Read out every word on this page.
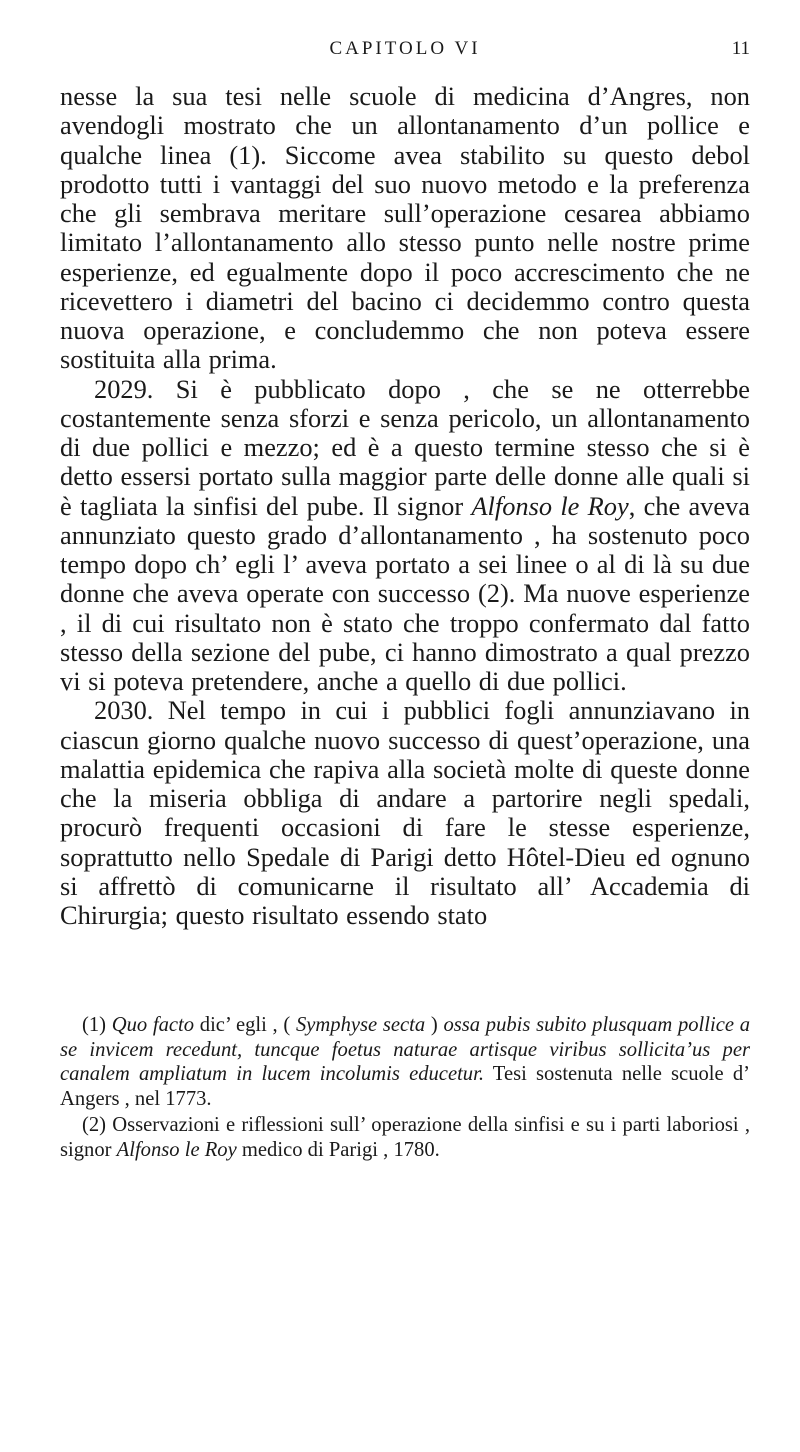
CAPITOLO VI	11

nesse la sua tesi nelle scuole di medicina d’Angres, non avendogli mostrato che un allontanamento d’un pollice e qualche linea (1). Siccome avea stabilito su questo debol prodotto tutti i vantaggi del suo nuovo metodo e la preferenza che gli sembrava meritare sull’operazione cesarea abbiamo limitato l’allontanamento allo stesso punto nelle nostre prime esperienze, ed egualmente dopo il poco accrescimento che ne ricevettero i diametri del bacino ci decidemmo contro questa nuova operazione, e concludemmo che non poteva essere sostituita alla prima.

2029. Si è pubblicato dopo , che se ne otterrebbe costantemente senza sforzi e senza pericolo, un allontanamento di due pollici e mezzo; ed è a questo termine stesso che si è detto essersi portato sulla maggior parte delle donne alle quali si è tagliata la sinfisi del pube. Il signor Alfonso le Roy, che aveva annunziato questo grado d’allontanamento , ha sostenuto poco tempo dopo ch’ egli l’ aveva portato a sei linee o al di là su due donne che aveva operate con successo (2). Ma nuove esperienze , il di cui risultato non è stato che troppo confermato dal fatto stesso della sezione del pube, ci hanno dimostrato a qual prezzo vi si poteva pretendere, anche a quello di due pollici.

2030. Nel tempo in cui i pubblici fogli annunziavano in ciascun giorno qualche nuovo successo di quest’operazione, una malattia epidemica che rapiva alla società molte di queste donne che la miseria obbliga di andare a partorire negli spedali, procurò frequenti occasioni di fare le stesse esperienze, soprattutto nello Spedale di Parigi detto Hôtel-Dieu ed ognuno si affrettò di comunicarne il risultato all’ Accademia di Chirurgia; questo risultato essendo stato

(1) Quo facto dic’ egli , ( Symphyse secta ) ossa pubis subito plusquam pollice a se invicem recedunt, tuncque foetus naturae artisque viribus sollicita’us per canalem ampliatum in lucem incolumis educetur. Tesi sostenuta nelle scuole d’ Angers , nel 1773.

(2) Osservazioni e riflessioni sull’ operazione della sinfisi e su i parti laboriosi , signor Alfonso le Roy medico di Parigi , 1780.
